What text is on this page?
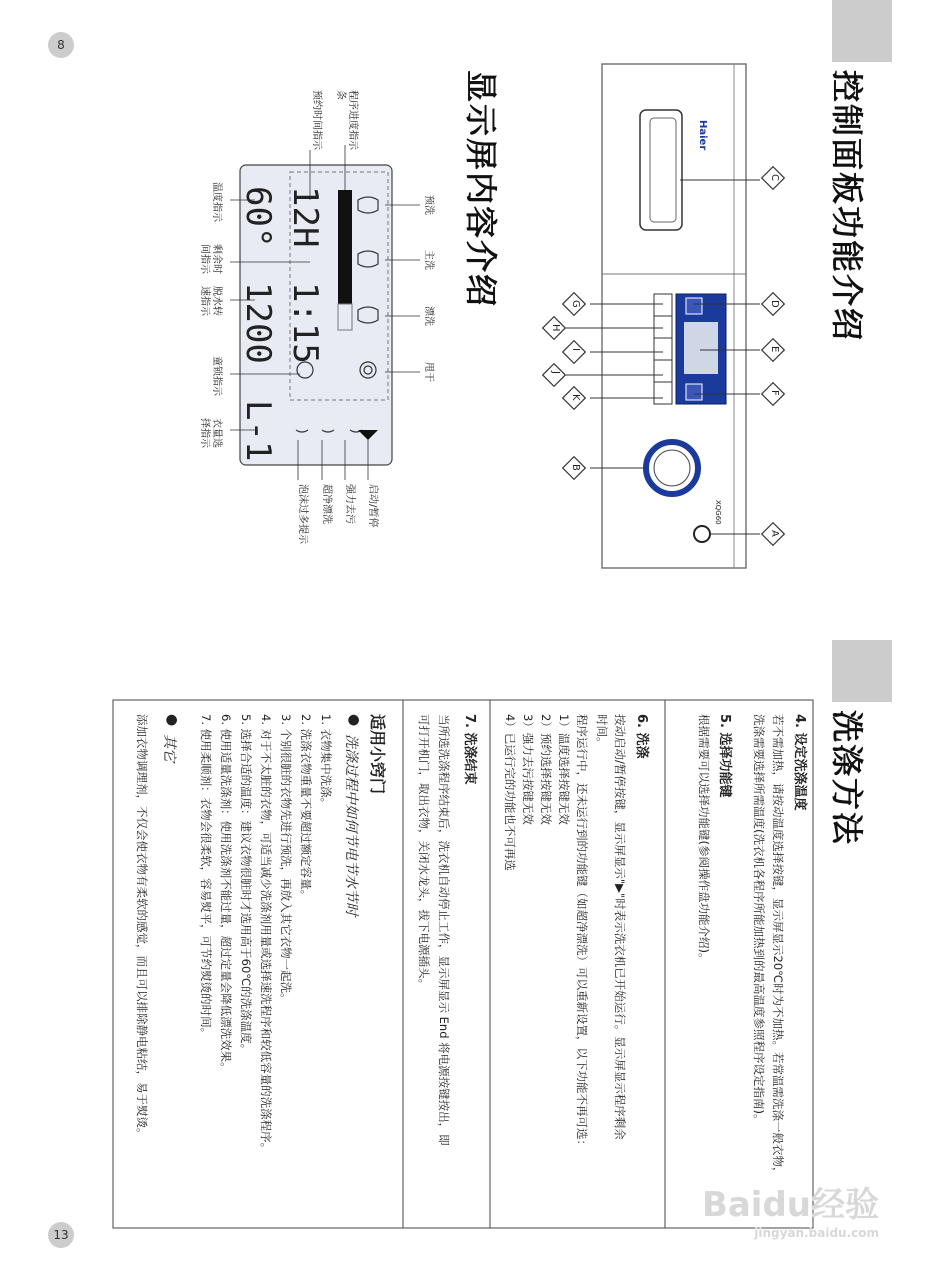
8
13
控制面板功能介绍
显示屏内容介绍
洗涤方法
Haier
XQG60
A
B
C
D
E
F
G
H
I
J
K
12H
60°
1:15
1200
L-1
程序进度指示条
预约时间指示
温度指示
剩余时间指示
脱水转速指示
童锁指示
衣量选择指示
预洗
主洗
漂洗
甩干
启动/暂停
强力去污
超净漂洗
泡沫过多提示
4. 设定洗涤温度
若不需加热，请按动温度选择按键，显示屏显示20℃时为不加热。若常温需洗涤一般衣物，
洗涤需要选择所需温度(洗衣机各程序所能加热到的最高温度参照程序设定指南)。
5. 选择功能键
根据需要可以选择功能键(参阅操作盘功能介绍)。
6. 洗涤
按动启动/暂停按键，显示屏显示"▶"时表示洗衣机已开始运行。显示屏显示程序剩余
时间。
程序运行中，还未运行到的功能键（如超净漂洗）可以重新设置，以下功能不再可选：
1）温度选择按键无效
2）预约选择按键无效
3）强力去污按键无效
4）已运行完的功能也不可再选
7. 洗涤结束
当所选洗涤程序结束后，洗衣机自动停止工作，显示屏显示 End 将电源按键按出，即
可打开机门，取出衣物，关闭水龙头，拔下电源插头。
适用小窍门
●
洗涤过程中如何节电节水节时
1. 衣物集中洗涤。
2. 洗涤衣物重量不要超过额定容量。
3. 个别很脏的衣物先进行预洗，再放入其它衣物一起洗。
4. 对于不太脏的衣物，可适当减少洗涤剂用量或选择速洗程序和较低容量的洗涤程序。
5. 选择合适的温度：建议衣物很脏时才选用高于60℃的洗涤温度。
6. 使用适量洗涤剂：使用洗涤剂不能过量，超过定量会降低漂洗效果。
7. 使用柔顺剂：衣物会很柔软，容易熨平，可节约熨烫的时间。
●
其它
添加衣物调理剂，不仅会使衣物有柔软的感觉，而且可以排除静电粘结，易于熨烫。
Baidu经验
jingyan.baidu.com
